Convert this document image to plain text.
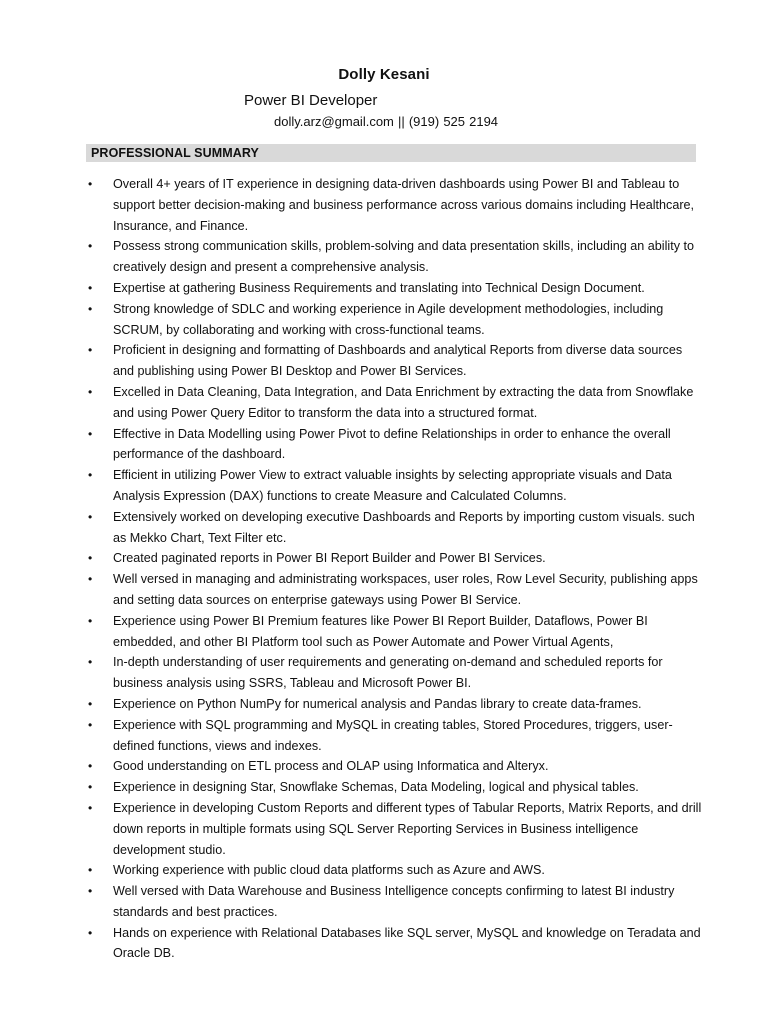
Dolly Kesani
Power BI Developer
dolly.arz@gmail.com || (919) 525 2194
PROFESSIONAL SUMMARY
• Overall 4+ years of IT experience in designing data-driven dashboards using Power BI and Tableau to support better decision-making and business performance across various domains including Healthcare, Insurance, and Finance.
• Possess strong communication skills, problem-solving and data presentation skills, including an ability to creatively design and present a comprehensive analysis.
• Expertise at gathering Business Requirements and translating into Technical Design Document.
• Strong knowledge of SDLC and working experience in Agile development methodologies, including SCRUM, by collaborating and working with cross-functional teams.
• Proficient in designing and formatting of Dashboards and analytical Reports from diverse data sources and publishing using Power BI Desktop and Power BI Services.
• Excelled in Data Cleaning, Data Integration, and Data Enrichment by extracting the data from Snowflake and using Power Query Editor to transform the data into a structured format.
• Effective in Data Modelling using Power Pivot to define Relationships in order to enhance the overall performance of the dashboard.
• Efficient in utilizing Power View to extract valuable insights by selecting appropriate visuals and Data Analysis Expression (DAX) functions to create Measure and Calculated Columns.
• Extensively worked on developing executive Dashboards and Reports by importing custom visuals. such as Mekko Chart, Text Filter etc.
• Created paginated reports in Power BI Report Builder and Power BI Services.
• Well versed in managing and administrating workspaces, user roles, Row Level Security, publishing apps and setting data sources on enterprise gateways using Power BI Service.
• Experience using Power BI Premium features like Power BI Report Builder, Dataflows, Power BI embedded, and other BI Platform tool such as Power Automate and Power Virtual Agents,
• In-depth understanding of user requirements and generating on-demand and scheduled reports for business analysis using SSRS, Tableau and Microsoft Power BI.
• Experience on Python NumPy for numerical analysis and Pandas library to create data-frames.
• Experience with SQL programming and MySQL in creating tables, Stored Procedures, triggers, user-defined functions, views and indexes.
• Good understanding on ETL process and OLAP using Informatica and Alteryx.
• Experience in designing Star, Snowflake Schemas, Data Modeling, logical and physical tables.
• Experience in developing Custom Reports and different types of Tabular Reports, Matrix Reports, and drill down reports in multiple formats using SQL Server Reporting Services in Business intelligence development studio.
• Working experience with public cloud data platforms such as Azure and AWS.
• Well versed with Data Warehouse and Business Intelligence concepts confirming to latest BI industry standards and best practices.
• Hands on experience with Relational Databases like SQL server, MySQL and knowledge on Teradata and Oracle DB.
